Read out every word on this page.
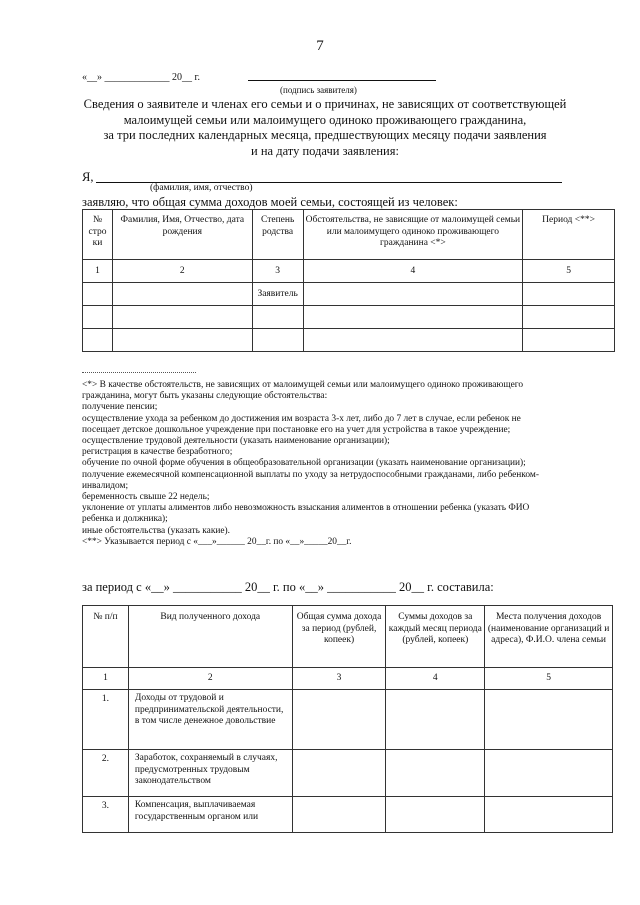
7
«__» _____________ 20__ г.
(подпись заявителя)
Сведения о заявителе и членах его семьи и о причинах, не зависящих от соответствующей
малоимущей семьи или малоимущего одиноко проживающего гражданина,
за три последних календарных месяца, предшествующих месяцу подачи заявления
и на дату подачи заявления:
Я,
(фамилия, имя, отчество)
заявляю, что общая сумма доходов моей семьи, состоящей из человек:
№ стро ки	Фамилия, Имя, Отчество, дата рождения	Степень родства	Обстоятельства, не зависящие от малоимущей семьи или малоимущего одиноко проживающего гражданина <*>	Период <**>
1	2	3	4	5
		Заявитель		

<*> В качестве обстоятельств, не зависящих от малоимущей семьи или малоимущего одиноко проживающего
гражданина, могут быть указаны следующие обстоятельства:
получение пенсии;
осуществление ухода за ребенком до достижения им возраста 3-х лет, либо до 7 лет в случае, если ребенок не
посещает детское дошкольное учреждение при постановке его на учет для устройства в такое учреждение;
осуществление трудовой деятельности (указать наименование организации);
регистрация в качестве безработного;
обучение по очной форме обучения в общеобразовательной организации (указать наименование организации);
получение ежемесячной компенсационной выплаты по уходу за нетрудоспособными гражданами, либо ребенком-
инвалидом;
беременность свыше 22 недель;
уклонение от уплаты алиментов либо невозможность взыскания алиментов в отношении ребенка (указать ФИО
ребенка и должника);
иные обстоятельства (указать какие).
<**> Указывается период с «___»______ 20__г. по «__»_____20__г.
за период с «__» ___________ 20__ г. по «__» ___________ 20__ г. составила:
№ п/п	Вид полученного дохода	Общая сумма дохода за период (рублей, копеек)	Суммы доходов за каждый месяц периода (рублей, копеек)	Места получения доходов (наименование организаций и адреса), Ф.И.О. члена семьи
1	2	3	4	5
1.	Доходы от трудовой и предпринимательской деятельности, в том числе денежное довольствие			
2.	Заработок, сохраняемый в случаях, предусмотренных трудовым законодательством			
3.	Компенсация, выплачиваемая государственным органом или			
